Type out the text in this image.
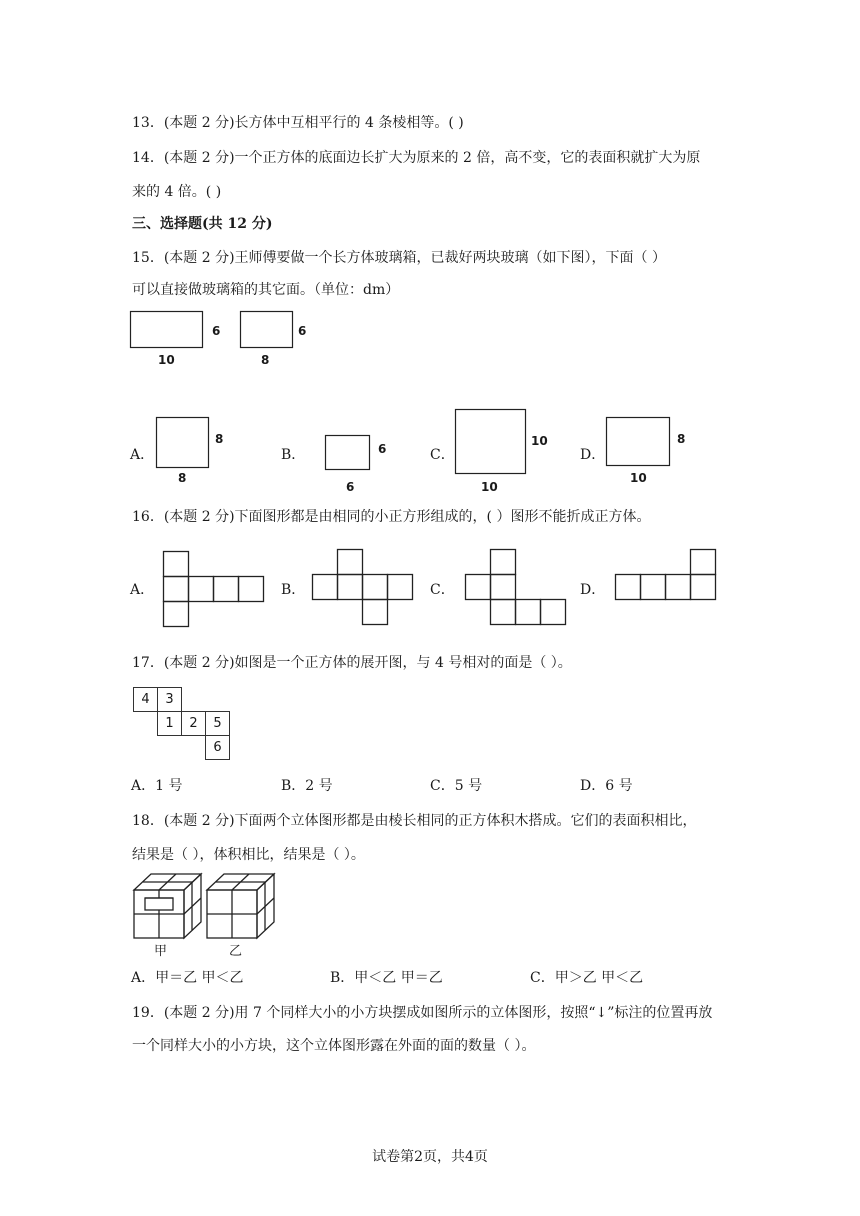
13．(本题 2 分)长方体中互相平行的 4 条棱相等。( )
14．(本题 2 分)一个正方体的底面边长扩大为原来的 2 倍，高不变，它的表面积就扩大为原
来的 4 倍。( )
三、选择题(共 12 分)
15．(本题 2 分)王师傅要做一个长方体玻璃箱，已裁好两块玻璃（如下图），下面（ ）
可以直接做玻璃箱的其它面。（单位：dm）
6
10
6
8
A．
8
8
B．	6
6
C．
10
10
D．
8
10
16．(本题 2 分)下面图形都是由相同的小正方形组成的，( ）图形不能折成正方体。
A．	B．	C．	D．
17．(本题 2 分)如图是一个正方体的展开图，与 4 号相对的面是（ ）。
4	3
1	2	5
6
A．1 号	B．2 号	C．5 号	D．6 号
18．(本题 2 分)下面两个立体图形都是由棱长相同的正方体积木搭成。它们的表面积相比，
结果是（ ），体积相比，结果是（ ）。
甲	乙
A．甲＝乙 甲＜乙	B．甲＜乙 甲＝乙	C．甲＞乙 甲＜乙
19．(本题 2 分)用 7 个同样大小的小方块摆成如图所示的立体图形，按照“↓”标注的位置再放
一个同样大小的小方块，这个立体图形露在外面的面的数量（ ）。
试卷第2页，共4页
